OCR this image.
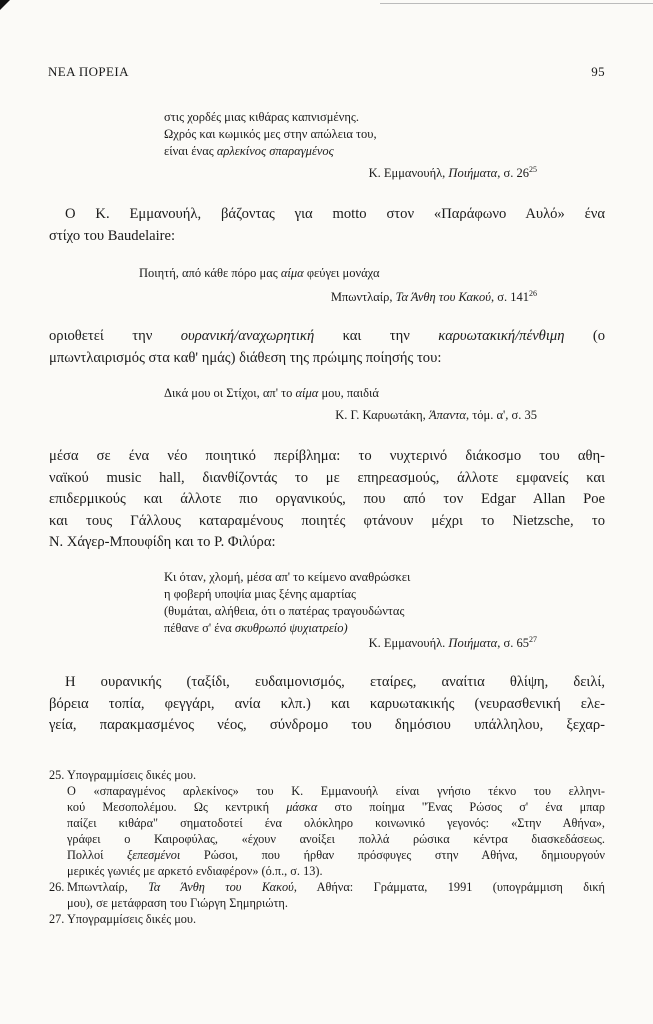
ΝΕΑ ΠΟΡΕΙΑ	95
στις χορδές μιας κιθάρας καπνισμένης.
Ωχρός και κωμικός μες στην απώλεια του,
είναι ένας αρλεκίνος σπαραγμένος
Κ. Εμμανουήλ, Ποιήματα, σ. $26^{25}$
Ο Κ. Εμμανουήλ, βάζοντας για motto στον «Παράφωνο Αυλό» ένα
στίχο του Baudelaire:
Ποιητή, από κάθε πόρο μας αίμα φεύγει μονάχα
Μπωντλαίρ, Τα Άνθη του Κακού, σ. $141^{26}$
οριοθετεί την ουρανική/αναχωρητική και την καρυωτακική/πένθιμη (ο
μπωντλαιρισμός στα καθ' ημάς) διάθεση της πρώιμης ποίησής του:
Δικά μου οι Στίχοι, απ' το αίμα μου, παιδιά
Κ. Γ. Καρυωτάκη, Άπαντα, τόμ. α', σ. 35
μέσα σε ένα νέο ποιητικό περίβλημα: το νυχτερινό διάκοσμο του αθη-
ναϊκού music hall, διανθίζοντάς το με επηρεασμούς, άλλοτε εμφανείς και
επιδερμικούς και άλλοτε πιο οργανικούς, που από τον Edgar Allan Poe
και τους Γάλλους καταραμένους ποιητές φτάνουν μέχρι το Nietzsche, το
Ν. Χάγερ-Μπουφίδη και το Ρ. Φιλύρα:
Κι όταν, χλομή, μέσα απ' το κείμενο αναθρώσκει
η φοβερή υποψία μιας ξένης αμαρτίας
(θυμάται, αλήθεια, ότι ο πατέρας τραγουδώντας
πέθανε σ' ένα σκυθρωπό ψυχιατρείο)
Κ. Εμμανουήλ. Ποιήματα, σ. $65^{27}$
Η ουρανικής (ταξίδι, ευδαιμονισμός, εταίρες, αναίτια θλίψη, δειλί,
βόρεια τοπία, φεγγάρι, ανία κλπ.) και καρυωτακικής (νευρασθενική ελε-
γεία, παρακμασμένος νέος, σύνδρομο του δημόσιου υπάλληλου, ξεχαρ-
25. Υπογραμμίσεις δικές μου.
Ο «σπαραγμένος αρλεκίνος» του Κ. Εμμανουήλ είναι γνήσιο τέκνο του ελληνι-
κού Μεσοπολέμου. Ως κεντρική μάσκα στο ποίημα "Ένας Ρώσος σ' ένα μπαρ
παίζει κιθάρα" σηματοδοτεί ένα ολόκληρο κοινωνικό γεγονός: «Στην Αθήνα»,
γράφει ο Καιροφύλας, «έχουν ανοίξει πολλά ρώσικα κέντρα διασκεδάσεως.
Πολλοί ξεπεσμένοι Ρώσοι, που ήρθαν πρόσφυγες στην Αθήνα, δημιουργούν
μερικές γωνιές με αρκετό ενδιαφέρον» (ό.π., σ. 13).
26. Μπωντλαίρ, Τα Άνθη του Κακού, Αθήνα: Γράμματα, 1991 (υπογράμμιση δική
μου), σε μετάφραση του Γιώργη Σημηριώτη.
27. Υπογραμμίσεις δικές μου.
